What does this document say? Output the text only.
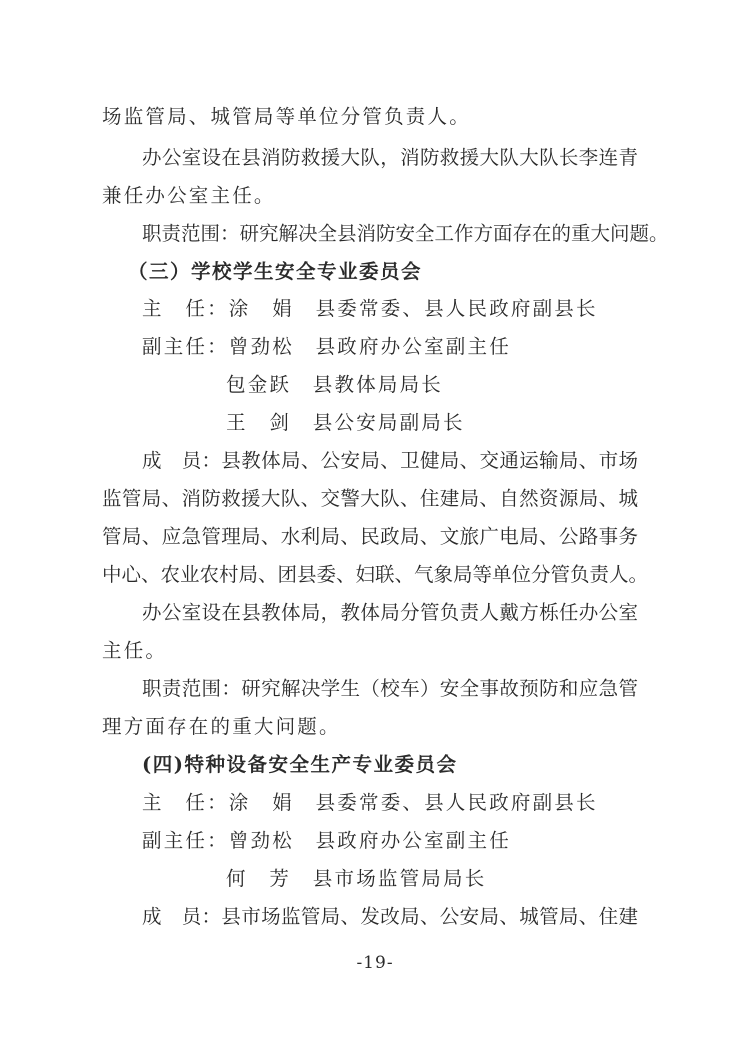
场监管局、城管局等单位分管负责人。
办公室设在县消防救援大队，消防救援大队大队长李连青
兼任办公室主任。
职责范围：研究解决全县消防安全工作方面存在的重大问题。
（三）学校学生安全专业委员会
主　任：涂　娟　县委常委、县人民政府副县长
副主任：曾劲松　县政府办公室副主任
包金跃　县教体局局长
王　剑　县公安局副局长
成　员：县教体局、公安局、卫健局、交通运输局、市场
监管局、消防救援大队、交警大队、住建局、自然资源局、城
管局、应急管理局、水利局、民政局、文旅广电局、公路事务
中心、农业农村局、团县委、妇联、气象局等单位分管负责人。
办公室设在县教体局，教体局分管负责人戴方栎任办公室
主任。
职责范围：研究解决学生（校车）安全事故预防和应急管
理方面存在的重大问题。
(四)特种设备安全生产专业委员会
主　任：涂　娟　县委常委、县人民政府副县长
副主任：曾劲松　县政府办公室副主任
何　芳　县市场监管局局长
成　员：县市场监管局、发改局、公安局、城管局、住建
-19-
